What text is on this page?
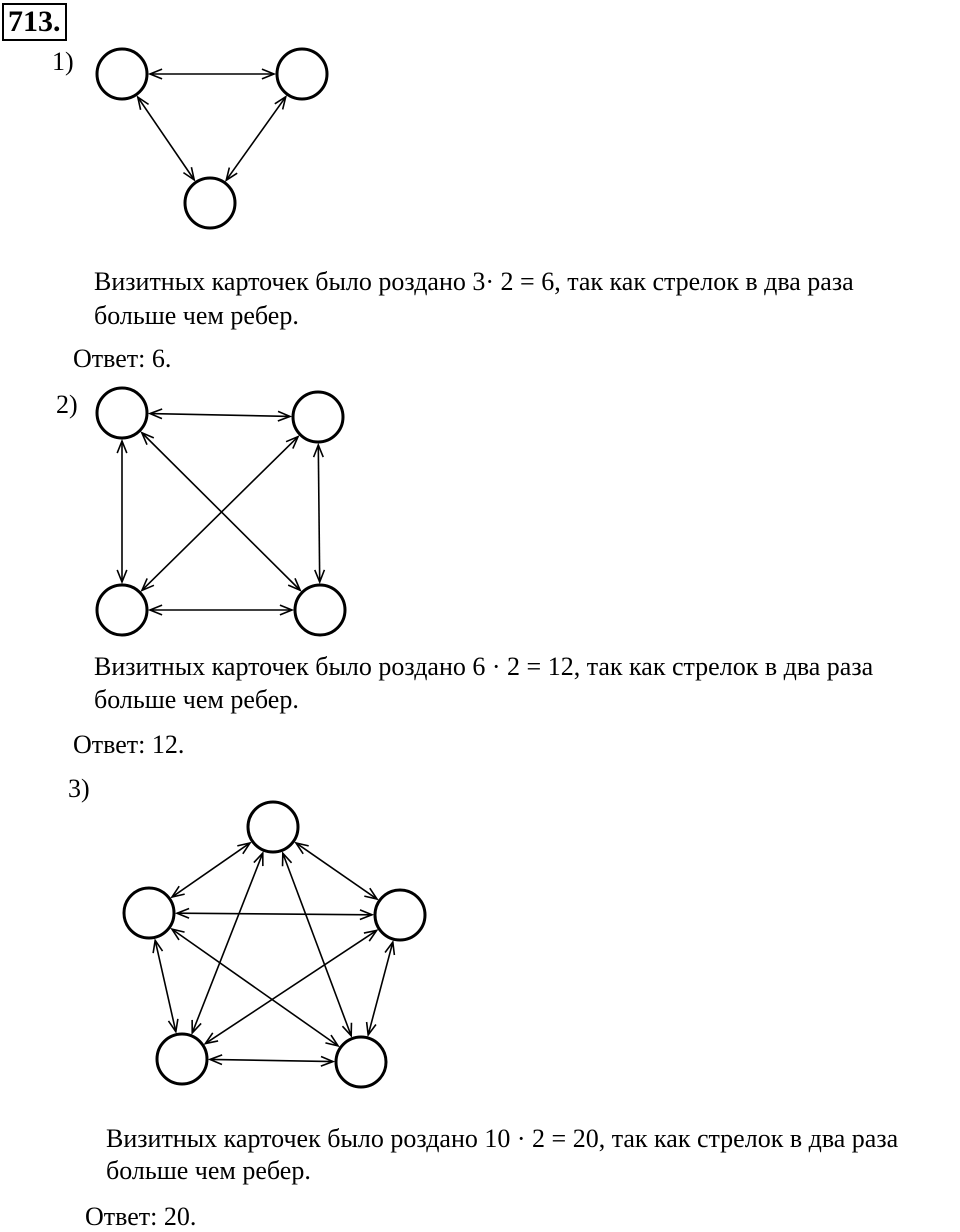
713.
1)
Визитных карточек было роздано 3· 2 = 6, так как стрелок в два раза
больше чем ребер.
Ответ: 6.
2)
Визитных карточек было роздано 6 · 2 = 12, так как стрелок в два раза
больше чем ребер.
Ответ: 12.
3)
Визитных карточек было роздано 10 · 2 = 20, так как стрелок в два раза
больше чем ребер.
Ответ: 20.
